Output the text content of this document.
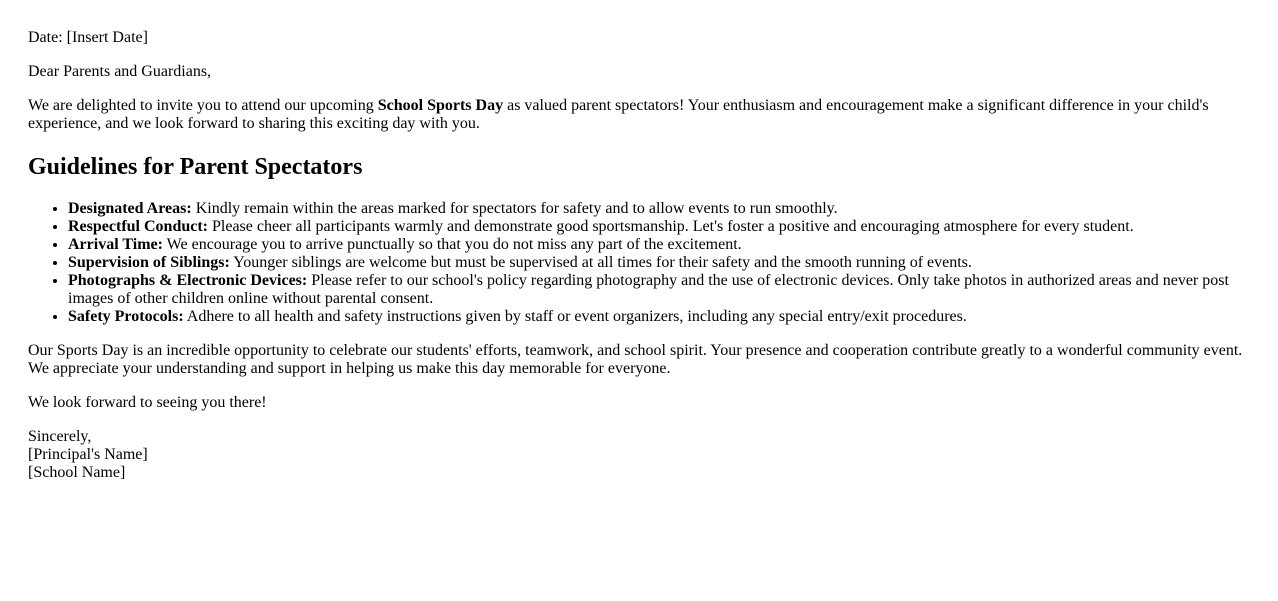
Date: [Insert Date]

Dear Parents and Guardians,

We are delighted to invite you to attend our upcoming School Sports Day as valued parent spectators! Your enthusiasm and encouragement make a significant difference in your child's experience, and we look forward to sharing this exciting day with you.

Guidelines for Parent Spectators
• Designated Areas: Kindly remain within the areas marked for spectators for safety and to allow events to run smoothly.
• Respectful Conduct: Please cheer all participants warmly and demonstrate good sportsmanship. Let's foster a positive and encouraging atmosphere for every student.
• Arrival Time: We encourage you to arrive punctually so that you do not miss any part of the excitement.
• Supervision of Siblings: Younger siblings are welcome but must be supervised at all times for their safety and the smooth running of events.
• Photographs & Electronic Devices: Please refer to our school's policy regarding photography and the use of electronic devices. Only take photos in authorized areas and never post images of other children online without parental consent.
• Safety Protocols: Adhere to all health and safety instructions given by staff or event organizers, including any special entry/exit procedures.

Our Sports Day is an incredible opportunity to celebrate our students' efforts, teamwork, and school spirit. Your presence and cooperation contribute greatly to a wonderful community event. We appreciate your understanding and support in helping us make this day memorable for everyone.

We look forward to seeing you there!

Sincerely,
[Principal's Name]
[School Name]
